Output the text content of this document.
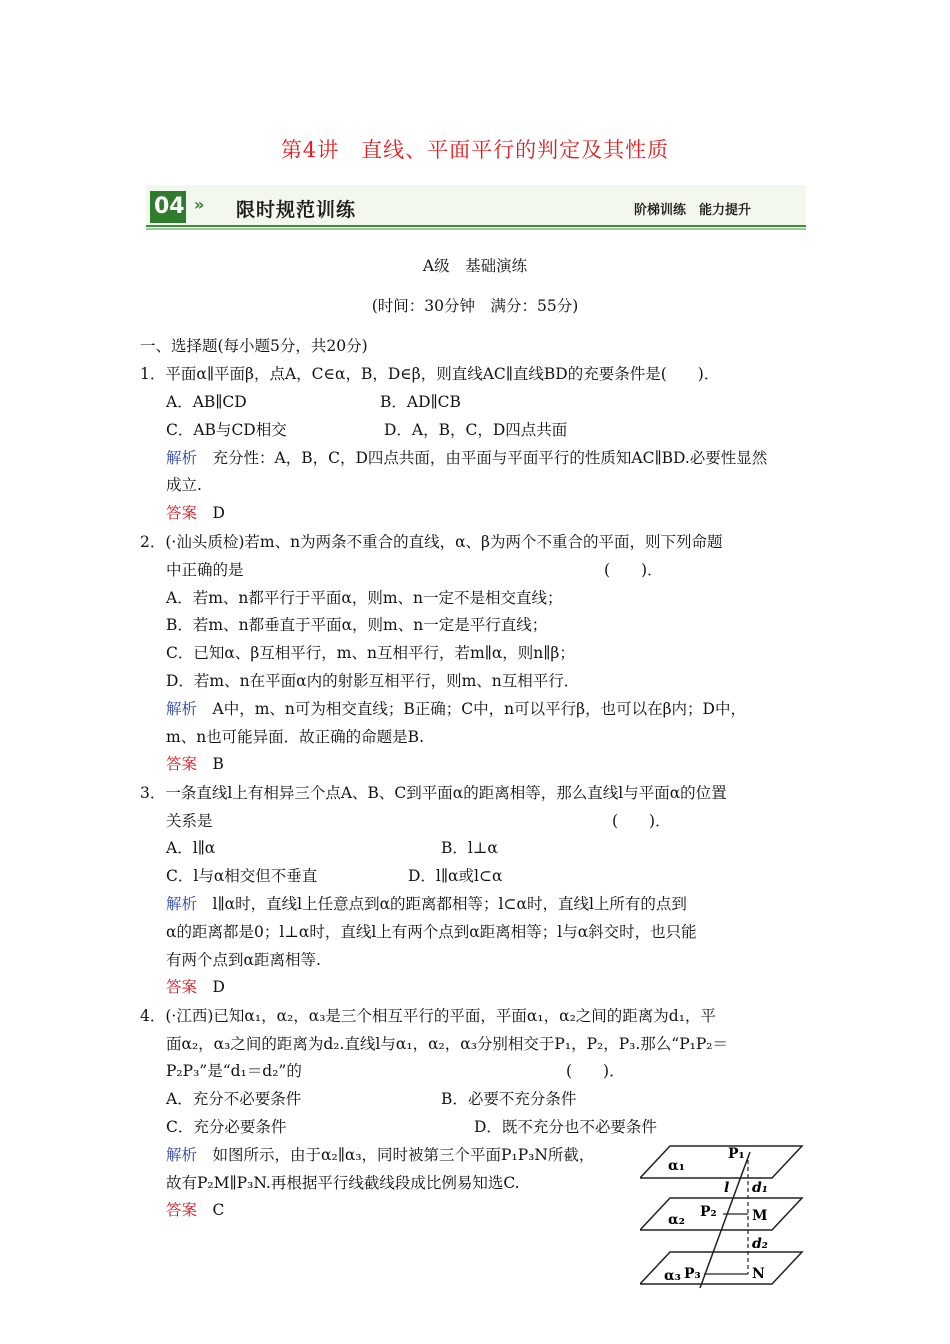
第4讲　直线、平面平行的判定及其性质
04 » 限时规范训练	阶梯训练　能力提升
A级　基础演练
(时间：30分钟　满分：55分)
一、选择题(每小题5分，共20分)
1．平面α∥平面β，点A，C∈α，B，D∈β，则直线AC∥直线BD的充要条件是(　　)．
A．AB∥CD	B．AD∥CB
C．AB与CD相交	D．A，B，C，D四点共面
解析　 充分性：A，B，C，D四点共面，由平面与平面平行的性质知AC∥BD.必要性显然
成立.
答案　 D
2．(·汕头质检)若m、n为两条不重合的直线，α、β为两个不重合的平面，则下列命题
中正确的是	(　　)．
A．若m、n都平行于平面α，则m、n一定不是相交直线；
B．若m、n都垂直于平面α，则m、n一定是平行直线；
C．已知α、β互相平行，m、n互相平行，若m∥α，则n∥β；
D．若m、n在平面α内的射影互相平行，则m、n互相平行．
解析　 A中，m、n可为相交直线；B正确；C中，n可以平行β，也可以在β内；D中，
m、n也可能异面．故正确的命题是B.
答案　 B
3．一条直线l上有相异三个点A、B、C到平面α的距离相等，那么直线l与平面α的位置
关系是	(　　)．
A．l∥α	B．l⊥α
C．l与α相交但不垂直	D．l∥α或l⊂α
解析　 l∥α时，直线l上任意点到α的距离都相等；l⊂α时，直线l上所有的点到
α的距离都是0；l⊥α时，直线l上有两个点到α距离相等；l与α斜交时，也只能
有两个点到α距离相等.
答案　 D
4．(·江西)已知α₁，α₂，α₃是三个相互平行的平面，平面α₁，α₂之间的距离为d₁，平
面α₂，α₃之间的距离为d₂.直线l与α₁，α₂，α₃分别相交于P₁，P₂，P₃.那么“P₁P₂＝
P₂P₃”是“d₁＝d₂”的	(　　)．
A．充分不必要条件	B．必要不充分条件
C．充分必要条件	D．既不充分也不必要条件
解析　 如图所示，由于α₂∥α₃，同时被第三个平面P₁P₃N所截，
故有P₂M∥P₃N.再根据平行线截线段成比例易知选C.
答案　 C
α₁
α₂
α₃
P₁
P₂
P₃
l d₁
d₂
M
N
